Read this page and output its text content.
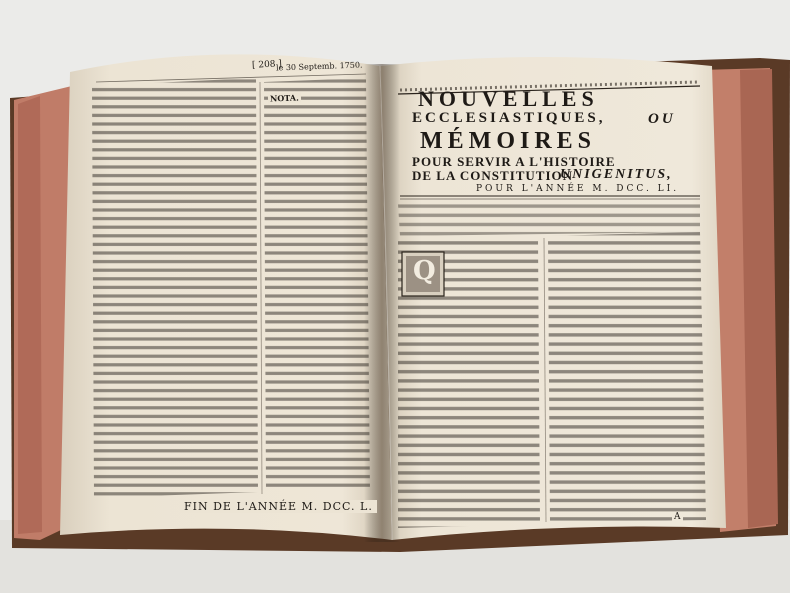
[ 208 ]
le 30 Septemb. 1750.
NOTA.
FIN DE L'ANNÉE M. DCC. L.
NOUVELLES
ECCLESIASTIQUES,	OU
MÉMOIRES
POUR SERVIR A L'HISTOIRE
DE LA CONSTITUTION
UNIGENITUS,
POUR L'ANNÉE M. DCC. LI.
Q
A
